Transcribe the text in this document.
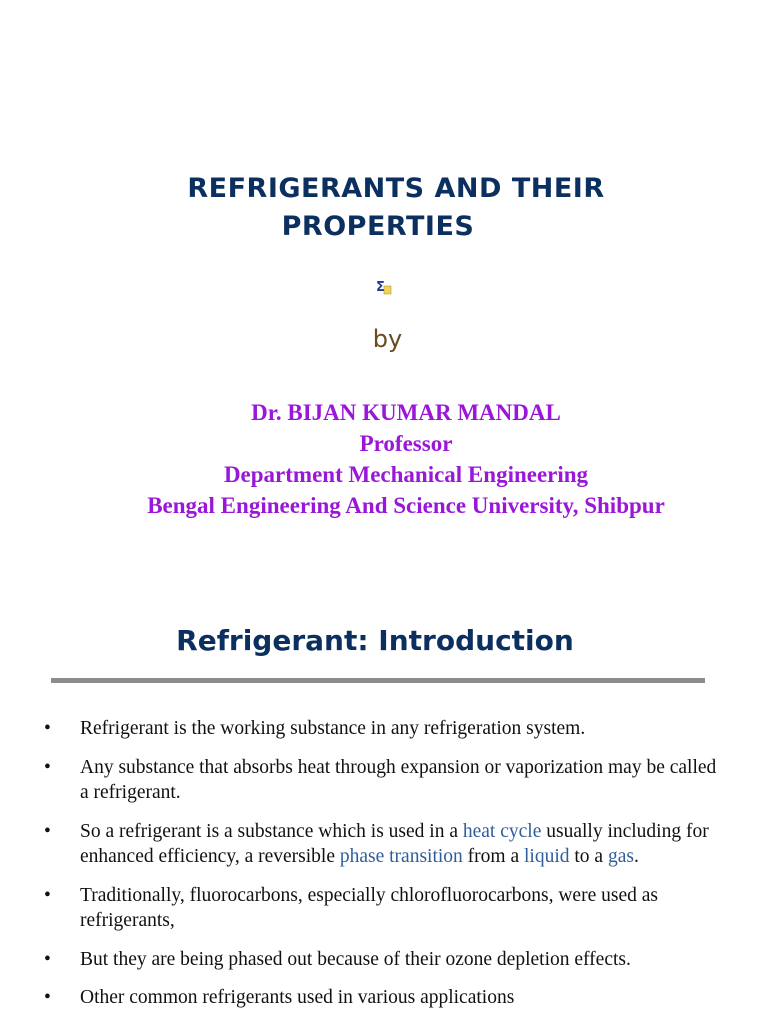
REFRIGERANTS AND THEIR
PROPERTIES
Σ
by
Dr. BIJAN KUMAR MANDAL
Professor
Department Mechanical Engineering
Bengal Engineering And Science University, Shibpur
Refrigerant: Introduction
• Refrigerant is the working substance in any refrigeration system.
• Any substance that absorbs heat through expansion or vaporization may be called a refrigerant.
• So a refrigerant is a substance which is used in a heat cycle usually including for enhanced efficiency, a reversible phase transition from a liquid to a gas.
• Traditionally, fluorocarbons, especially chlorofluorocarbons, were used as refrigerants,
• But they are being phased out because of their ozone depletion effects.
• Other common refrigerants used in various applications
